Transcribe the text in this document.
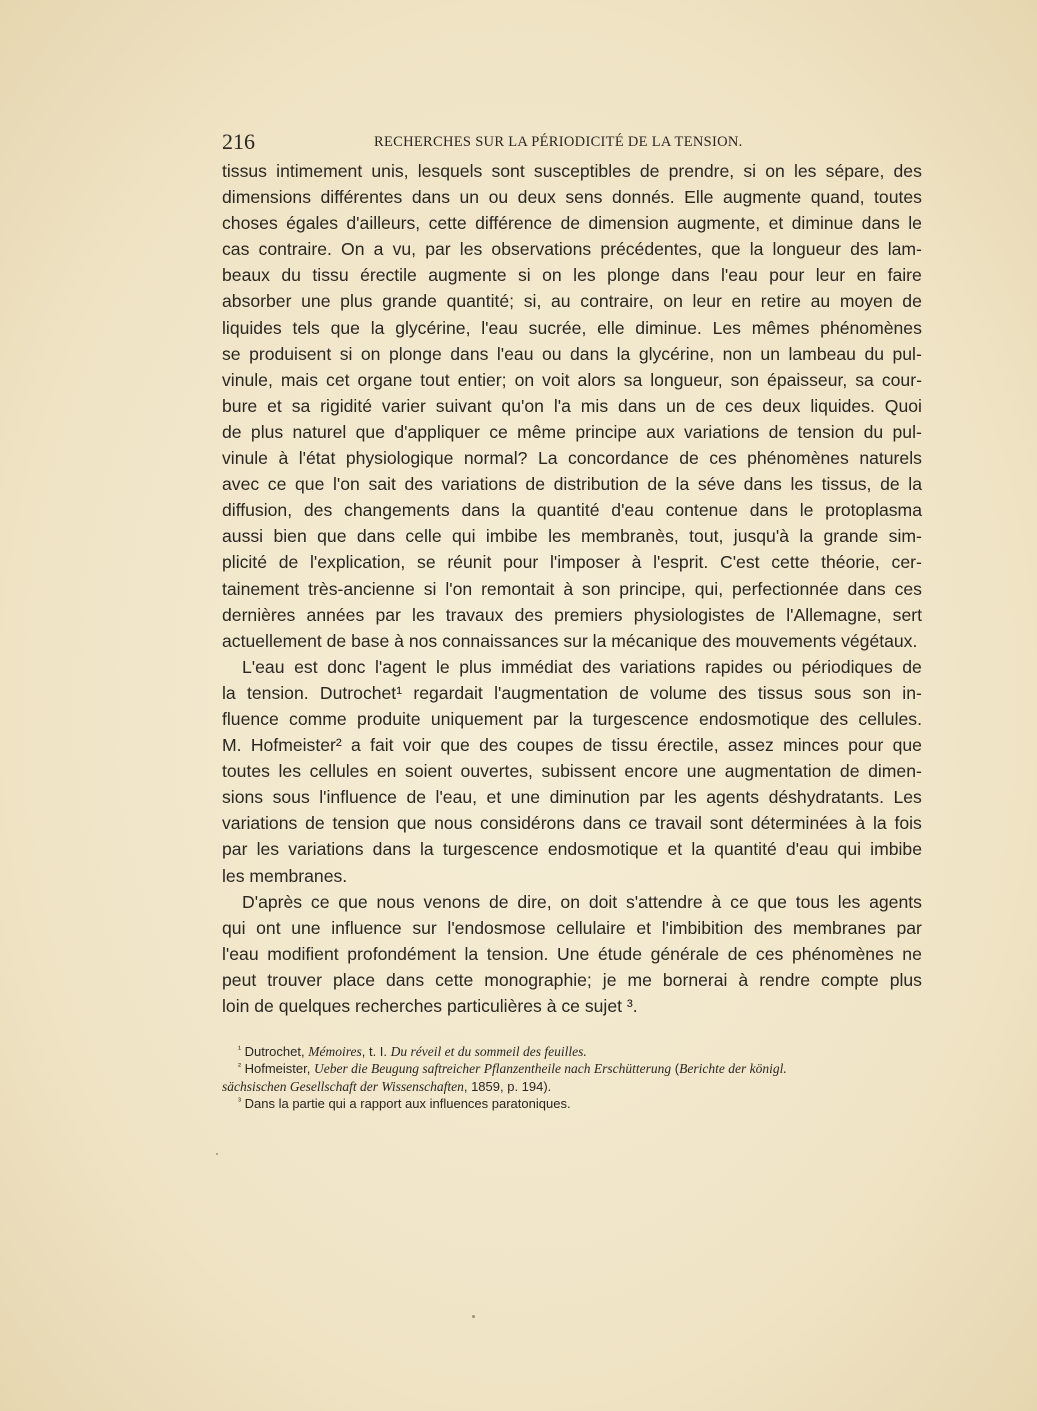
216	RECHERCHES SUR LA PÉRIODICITÉ DE LA TENSION.
tissus intimement unis, lesquels sont susceptibles de prendre, si on les sépare, des
dimensions différentes dans un ou deux sens donnés. Elle augmente quand, toutes
choses égales d'ailleurs, cette différence de dimension augmente, et diminue dans le
cas contraire. On a vu, par les observations précédentes, que la longueur des lam-
beaux du tissu érectile augmente si on les plonge dans l'eau pour leur en faire
absorber une plus grande quantité; si, au contraire, on leur en retire au moyen de
liquides tels que la glycérine, l'eau sucrée, elle diminue. Les mêmes phénomènes
se produisent si on plonge dans l'eau ou dans la glycérine, non un lambeau du pul-
vinule, mais cet organe tout entier; on voit alors sa longueur, son épaisseur, sa cour-
bure et sa rigidité varier suivant qu'on l'a mis dans un de ces deux liquides. Quoi
de plus naturel que d'appliquer ce même principe aux variations de tension du pul-
vinule à l'état physiologique normal? La concordance de ces phénomènes naturels
avec ce que l'on sait des variations de distribution de la séve dans les tissus, de la
diffusion, des changements dans la quantité d'eau contenue dans le protoplasma
aussi bien que dans celle qui imbibe les membranès, tout, jusqu'à la grande sim-
plicité de l'explication, se réunit pour l'imposer à l'esprit. C'est cette théorie, cer-
tainement très-ancienne si l'on remontait à son principe, qui, perfectionnée dans ces
dernières années par les travaux des premiers physiologistes de l'Allemagne, sert
actuellement de base à nos connaissances sur la mécanique des mouvements végétaux.
L'eau est donc l'agent le plus immédiat des variations rapides ou périodiques de
la tension. Dutrochet¹ regardait l'augmentation de volume des tissus sous son in-
fluence comme produite uniquement par la turgescence endosmotique des cellules.
M. Hofmeister² a fait voir que des coupes de tissu érectile, assez minces pour que
toutes les cellules en soient ouvertes, subissent encore une augmentation de dimen-
sions sous l'influence de l'eau, et une diminution par les agents déshydratants. Les
variations de tension que nous considérons dans ce travail sont déterminées à la fois
par les variations dans la turgescence endosmotique et la quantité d'eau qui imbibe
les membranes.
D'après ce que nous venons de dire, on doit s'attendre à ce que tous les agents
qui ont une influence sur l'endosmose cellulaire et l'imbibition des membranes par
l'eau modifient profondément la tension. Une étude générale de ces phénomènes ne
peut trouver place dans cette monographie; je me bornerai à rendre compte plus
loin de quelques recherches particulières à ce sujet ³.
$^{^1}$ Dutrochet, Mémoires, t. I. Du réveil et du sommeil des feuilles.
$^{^2}$ Hofmeister, Ueber die Beugung saftreicher Pflanzentheile nach Erschütterung (Berichte der königl.
sächsischen Gesellschaft der Wissenschaften, 1859, p. 194).
$^{^3}$ Dans la partie qui a rapport aux influences paratoniques.
